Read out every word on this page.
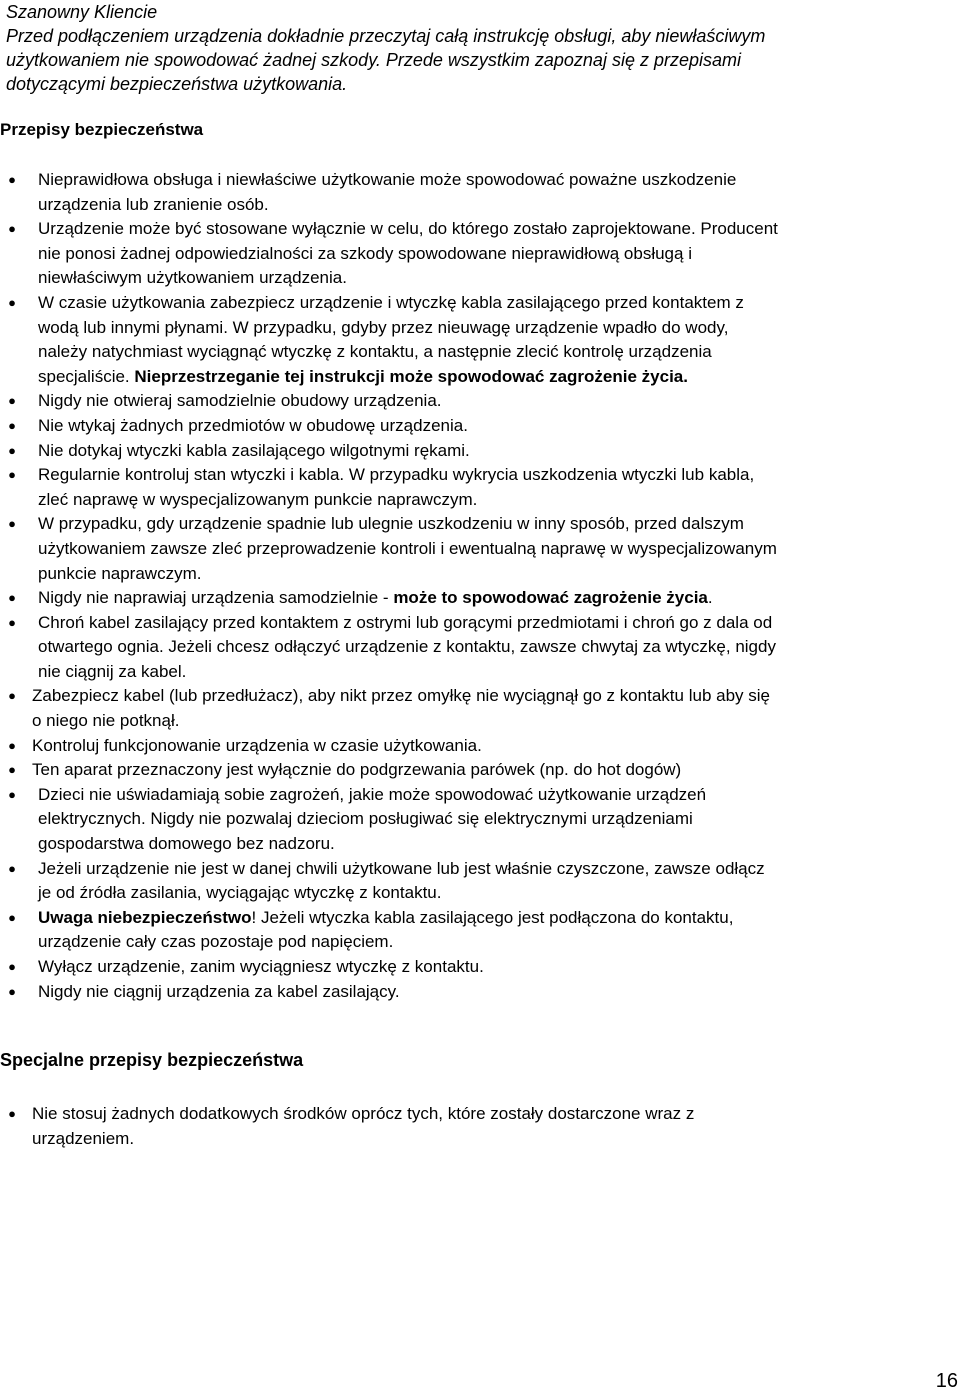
Szanowny Kliencie
Przed podłączeniem urządzenia dokładnie przeczytaj całą instrukcję obsługi, aby niewłaściwym
użytkowaniem nie spowodować żadnej szkody. Przede wszystkim zapoznaj się z przepisami
dotyczącymi bezpieczeństwa użytkowania.
Przepisy bezpieczeństwa
●	Nieprawidłowa obsługa i niewłaściwe użytkowanie może spowodować poważne uszkodzenie
urządzenia lub zranienie osób.
●	Urządzenie może być stosowane wyłącznie w celu, do którego zostało zaprojektowane. Producent
nie ponosi żadnej odpowiedzialności za szkody spowodowane nieprawidłową obsługą i
niewłaściwym użytkowaniem urządzenia.
●	W czasie użytkowania zabezpiecz urządzenie i wtyczkę kabla zasilającego przed kontaktem z
wodą lub innymi płynami. W przypadku, gdyby przez nieuwagę urządzenie wpadło do wody,
należy natychmiast wyciągnąć wtyczkę z kontaktu, a następnie zlecić kontrolę urządzenia
specjaliście. Nieprzestrzeganie tej instrukcji może spowodować zagrożenie życia.
●	Nigdy nie otwieraj samodzielnie obudowy urządzenia.
●	Nie wtykaj żadnych przedmiotów w obudowę urządzenia.
●	Nie dotykaj wtyczki kabla zasilającego wilgotnymi rękami.
●	Regularnie kontroluj stan wtyczki i kabla. W przypadku wykrycia uszkodzenia wtyczki lub kabla,
zleć naprawę w wyspecjalizowanym punkcie naprawczym.
●	W przypadku, gdy urządzenie spadnie lub ulegnie uszkodzeniu w inny sposób, przed dalszym
użytkowaniem zawsze zleć przeprowadzenie kontroli i ewentualną naprawę w wyspecjalizowanym
punkcie naprawczym.
●	Nigdy nie naprawiaj urządzenia samodzielnie - może to spowodować zagrożenie życia.
●	Chroń kabel zasilający przed kontaktem z ostrymi lub gorącymi przedmiotami i chroń go z dala od
otwartego ognia. Jeżeli chcesz odłączyć urządzenie z kontaktu, zawsze chwytaj za wtyczkę, nigdy
nie ciągnij za kabel.
● Zabezpiecz kabel (lub przedłużacz), aby nikt przez omyłkę nie wyciągnął go z kontaktu lub aby się
o niego nie potknął.
● Kontroluj funkcjonowanie urządzenia w czasie użytkowania.
● Ten aparat przeznaczony jest wyłącznie do podgrzewania parówek (np. do hot dogów)
●	Dzieci nie uświadamiają sobie zagrożeń, jakie może spowodować użytkowanie urządzeń
elektrycznych. Nigdy nie pozwalaj dzieciom posługiwać się elektrycznymi urządzeniami
gospodarstwa domowego bez nadzoru.
●	Jeżeli urządzenie nie jest w danej chwili użytkowane lub jest właśnie czyszczone, zawsze odłącz
je od źródła zasilania, wyciągając wtyczkę z kontaktu.
●	Uwaga niebezpieczeństwo! Jeżeli wtyczka kabla zasilającego jest podłączona do kontaktu,
urządzenie cały czas pozostaje pod napięciem.
●	Wyłącz urządzenie, zanim wyciągniesz wtyczkę z kontaktu.
●	Nigdy nie ciągnij urządzenia za kabel zasilający.
Specjalne przepisy bezpieczeństwa
● Nie stosuj żadnych dodatkowych środków oprócz tych, które zostały dostarczone wraz z
urządzeniem.
16
